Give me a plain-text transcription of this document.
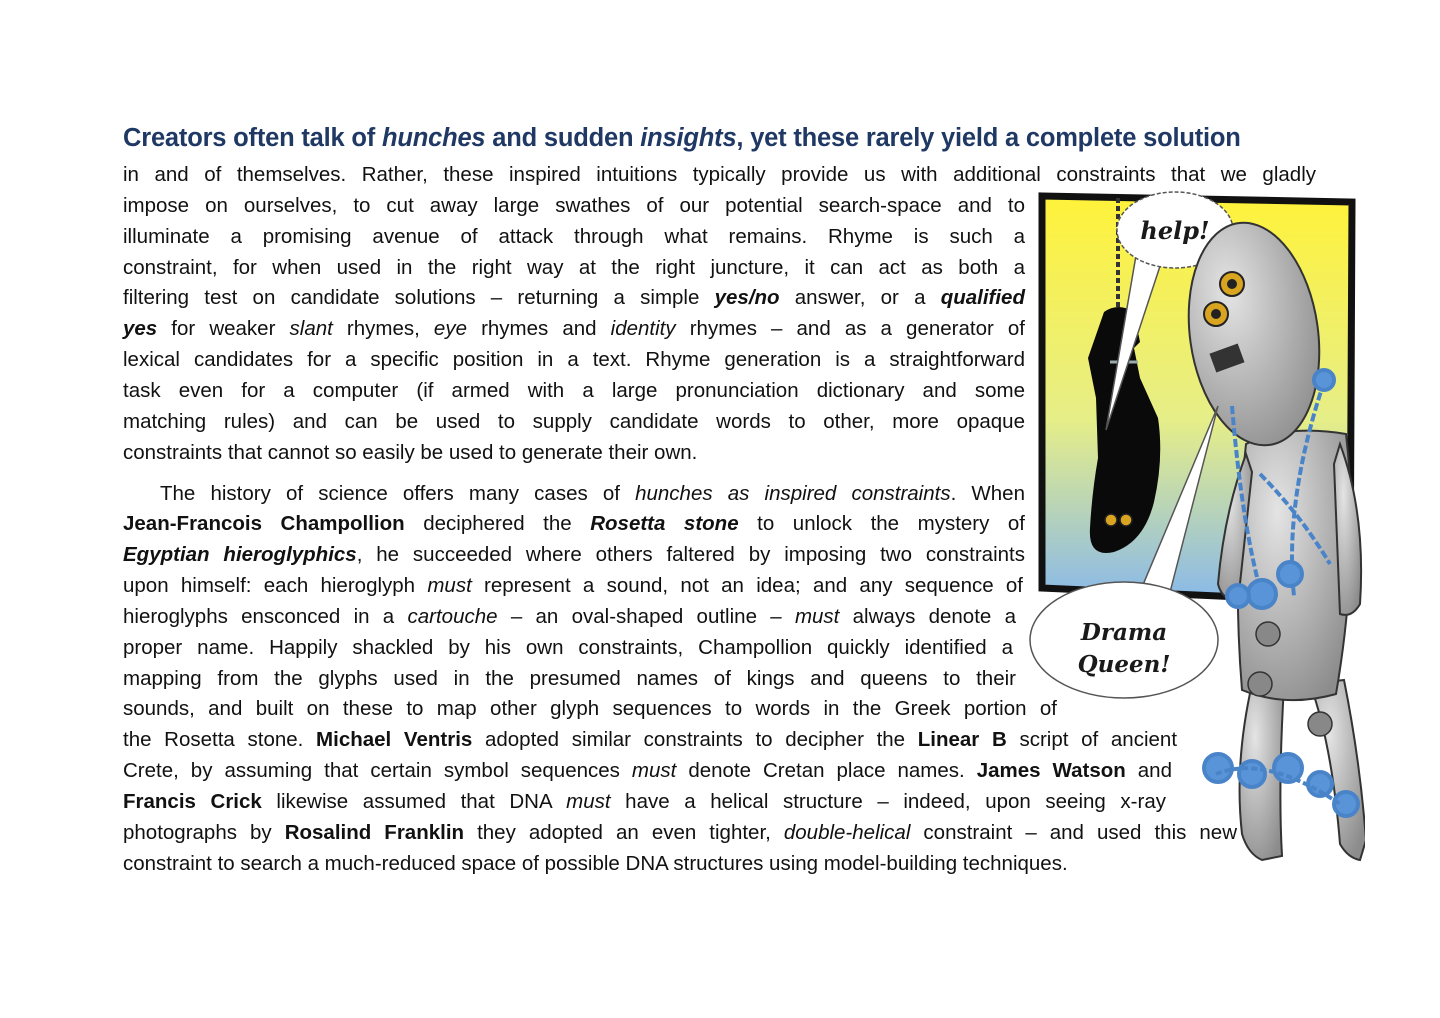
Creators often talk of hunches and sudden insights, yet these rarely yield a complete solution

in and of themselves. Rather, these inspired intuitions typically provide us with additional constraints that we gladly

impose on ourselves, to cut away large swathes of our potential search-space and to

illuminate a promising avenue of attack through what remains. Rhyme is such a

constraint, for when used in the right way at the right juncture, it can act as both a

filtering test on candidate solutions – returning a simple yes/no answer, or a qualified

yes for weaker slant rhymes, eye rhymes and identity rhymes – and as a generator of

lexical candidates for a specific position in a text. Rhyme generation is a straightforward

task even for a computer (if armed with a large pronunciation dictionary and some

matching rules) and can be used to supply candidate words to other, more opaque

constraints that cannot so easily be used to generate their own.

The history of science offers many cases of hunches as inspired constraints. When

Jean-Francois Champollion deciphered the Rosetta stone to unlock the mystery of

Egyptian hieroglyphics, he succeeded where others faltered by imposing two constraints

upon himself: each hieroglyph must represent a sound, not an idea; and any sequence of

hieroglyphs ensconced in a cartouche – an oval-shaped outline – must always denote a

proper name. Happily shackled by his own constraints, Champollion quickly identified a

mapping from the glyphs used in the presumed names of kings and queens to their

sounds, and built on these to map other glyph sequences to words in the Greek portion of

the Rosetta stone. Michael Ventris adopted similar constraints to decipher the Linear B script of ancient

Crete, by assuming that certain symbol sequences must denote Cretan place names. James Watson and

Francis Crick likewise assumed that DNA must have a helical structure – indeed, upon seeing x-ray

photographs by Rosalind Franklin they adopted an even tighter, double-helical constraint – and used this new

constraint to search a much-reduced space of possible DNA structures using model-building techniques.

help!
Drama
Queen!
